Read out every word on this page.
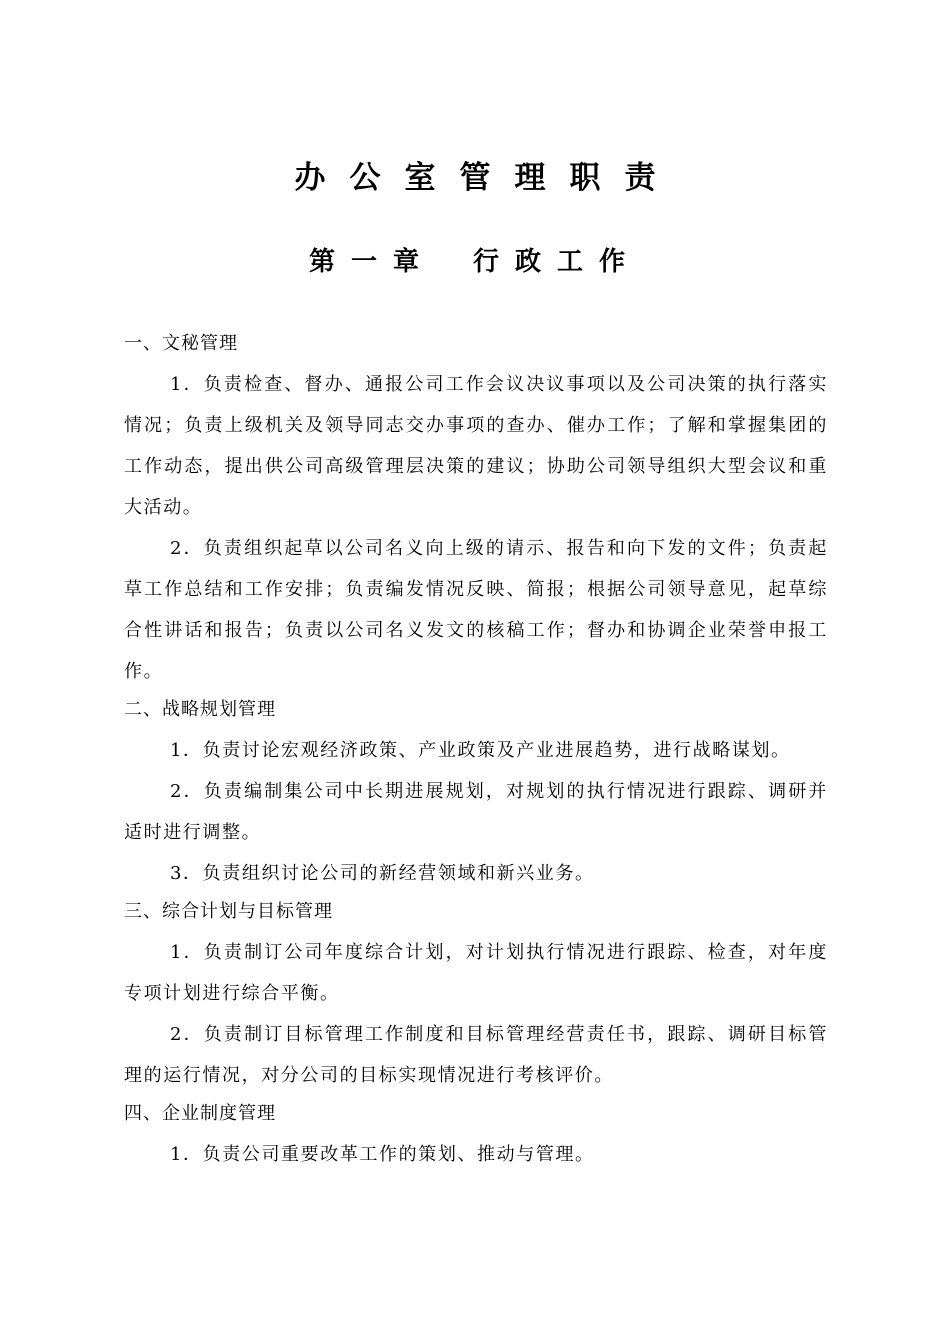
办公室管理职责
第一章 行政工作
一、文秘管理

1．负责检查、督办、通报公司工作会议决议事项以及公司决策的执行落实情况；负责上级机关及领导同志交办事项的查办、催办工作；了解和掌握集团的工作动态，提出供公司高级管理层决策的建议；协助公司领导组织大型会议和重大活动。

2．负责组织起草以公司名义向上级的请示、报告和向下发的文件；负责起草工作总结和工作安排；负责编发情况反映、简报；根据公司领导意见，起草综合性讲话和报告；负责以公司名义发文的核稿工作；督办和协调企业荣誉申报工作。

二、战略规划管理

1．负责讨论宏观经济政策、产业政策及产业进展趋势，进行战略谋划。

2．负责编制集公司中长期进展规划，对规划的执行情况进行跟踪、调研并适时进行调整。

3．负责组织讨论公司的新经营领域和新兴业务。

三、综合计划与目标管理

1．负责制订公司年度综合计划，对计划执行情况进行跟踪、检查，对年度专项计划进行综合平衡。

2．负责制订目标管理工作制度和目标管理经营责任书，跟踪、调研目标管理的运行情况，对分公司的目标实现情况进行考核评价。

四、企业制度管理

1．负责公司重要改革工作的策划、推动与管理。
